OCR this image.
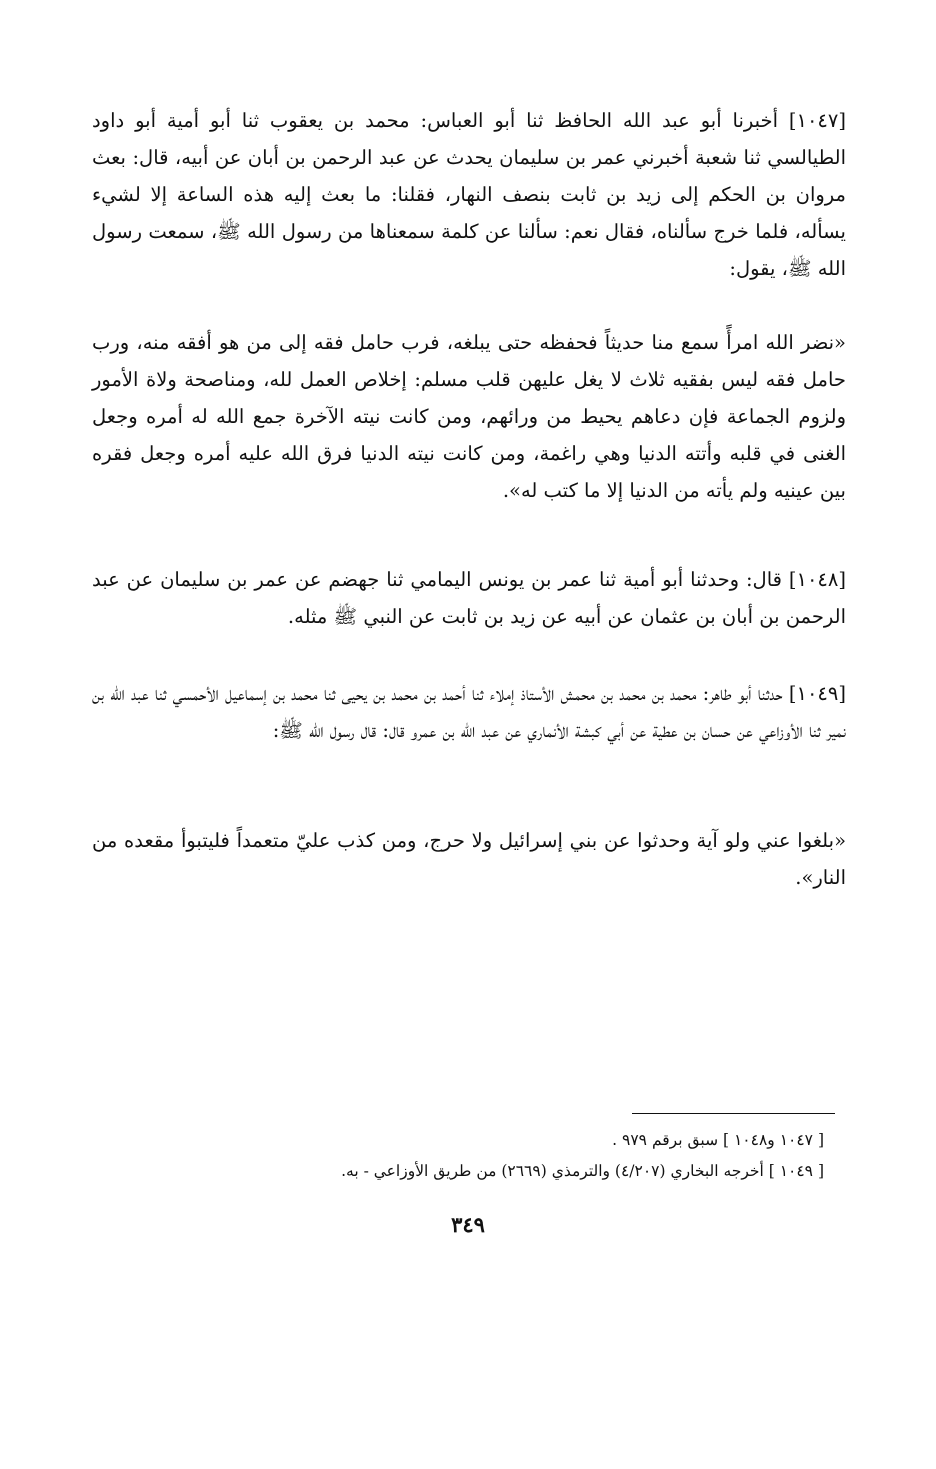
[١٠٤٧] أخبرنا أبو عبد الله الحافظ ثنا أبو العباس: محمد بن يعقوب ثنا أبو أمية أبو داود الطيالسي ثنا شعبة أخبرني عمر بن سليمان يحدث عن عبد الرحمن بن أبان عن أبيه، قال: بعث مروان بن الحكم إلى زيد بن ثابت بنصف النهار، فقلنا: ما بعث إليه هذه الساعة إلا لشيء يسأله، فلما خرج سألناه، فقال نعم: سألنا عن كلمة سمعناها من رسول الله ﷺ، سمعت رسول الله ﷺ، يقول:

«نضر الله امرأً سمع منا حديثاً فحفظه حتى يبلغه، فرب حامل فقه إلى من هو أفقه منه، ورب حامل فقه ليس بفقيه ثلاث لا يغل عليهن قلب مسلم: إخلاص العمل لله، ومناصحة ولاة الأمور ولزوم الجماعة فإن دعاهم يحيط من ورائهم، ومن كانت نيته الآخرة جمع الله له أمره وجعل الغنى في قلبه وأتته الدنيا وهي راغمة، ومن كانت نيته الدنيا فرق الله عليه أمره وجعل فقره بين عينيه ولم يأته من الدنيا إلا ما كتب له».

[١٠٤٨] قال: وحدثنا أبو أمية ثنا عمر بن يونس اليمامي ثنا جهضم عن عمر بن سليمان عن عبد الرحمن بن أبان بن عثمان عن أبيه عن زيد بن ثابت عن النبي ﷺ مثله.

[١٠٤٩] حدثنا أبو طاهر: محمد بن محمد بن محمش الأستاذ إملاء ثنا أحمد بن محمد بن يحيى ثنا محمد بن إسماعيل الأحمسي ثنا عبد الله بن نمير ثنا الأوزاعي عن حسان بن عطية عن أبي كبشة الأنماري عن عبد الله بن عمرو قال: قال رسول الله ﷺ:

«بلغوا عني ولو آية وحدثوا عن بني إسرائيل ولا حرج، ومن كذب عليّ متعمداً فليتبوأ مقعده من النار».

[ ١٠٤٧ و١٠٤٨ ] سبق برقم ٩٧٩ .

[ ١٠٤٩ ] أخرجه البخاري (٤/٢٠٧) والترمذي (٢٦٦٩) من طريق الأوزاعي - به.

٣٤٩
